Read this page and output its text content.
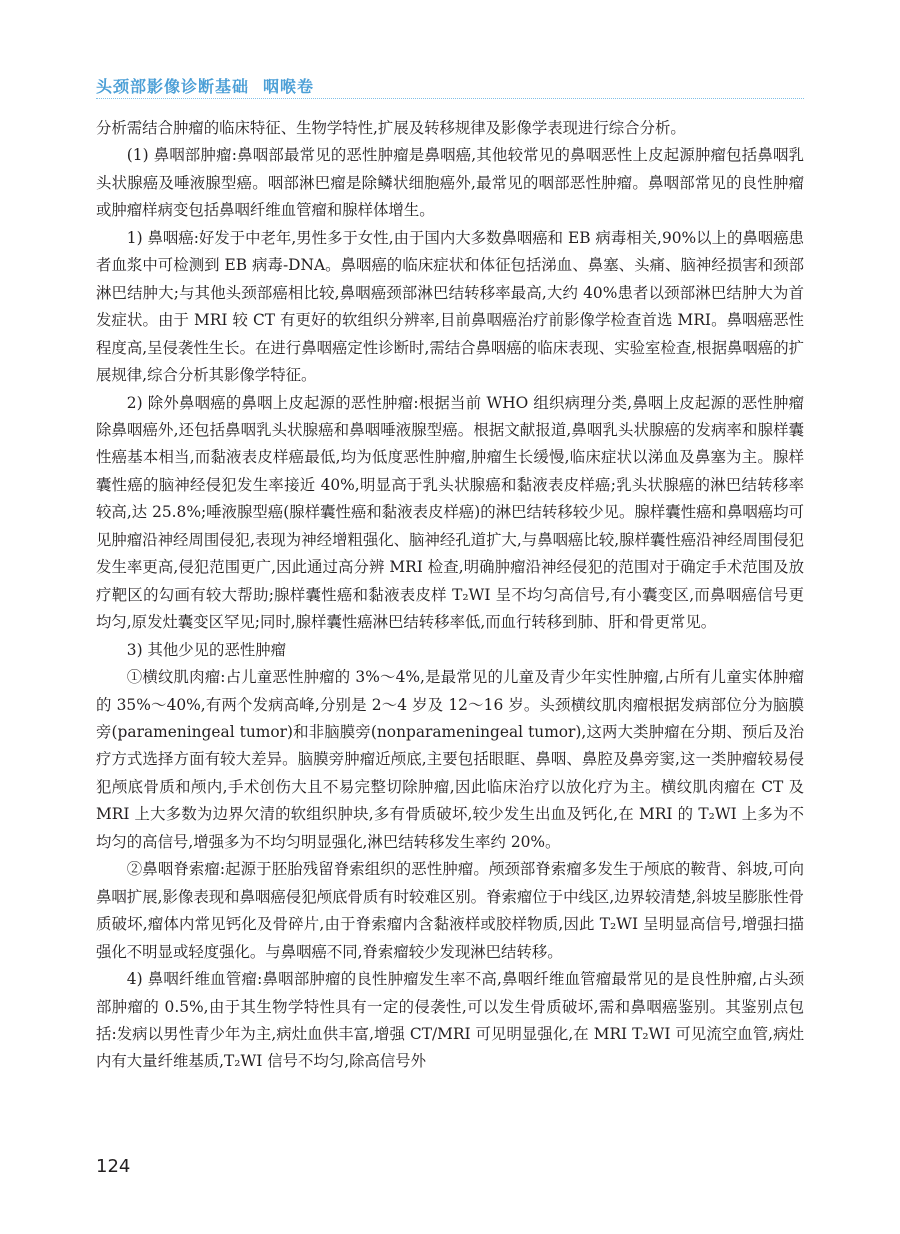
头颈部影像诊断基础 咽喉卷

分析需结合肿瘤的临床特征、生物学特性,扩展及转移规律及影像学表现进行综合分析。

(1) 鼻咽部肿瘤:鼻咽部最常见的恶性肿瘤是鼻咽癌,其他较常见的鼻咽恶性上皮起源肿瘤包括鼻咽乳头状腺癌及唾液腺型癌。咽部淋巴瘤是除鳞状细胞癌外,最常见的咽部恶性肿瘤。鼻咽部常见的良性肿瘤或肿瘤样病变包括鼻咽纤维血管瘤和腺样体增生。

1) 鼻咽癌:好发于中老年,男性多于女性,由于国内大多数鼻咽癌和 EB 病毒相关,90%以上的鼻咽癌患者血浆中可检测到 EB 病毒-DNA。鼻咽癌的临床症状和体征包括涕血、鼻塞、头痛、脑神经损害和颈部淋巴结肿大;与其他头颈部癌相比较,鼻咽癌颈部淋巴结转移率最高,大约 40%患者以颈部淋巴结肿大为首发症状。由于 MRI 较 CT 有更好的软组织分辨率,目前鼻咽癌治疗前影像学检查首选 MRI。鼻咽癌恶性程度高,呈侵袭性生长。在进行鼻咽癌定性诊断时,需结合鼻咽癌的临床表现、实验室检查,根据鼻咽癌的扩展规律,综合分析其影像学特征。

2) 除外鼻咽癌的鼻咽上皮起源的恶性肿瘤:根据当前 WHO 组织病理分类,鼻咽上皮起源的恶性肿瘤除鼻咽癌外,还包括鼻咽乳头状腺癌和鼻咽唾液腺型癌。根据文献报道,鼻咽乳头状腺癌的发病率和腺样囊性癌基本相当,而黏液表皮样癌最低,均为低度恶性肿瘤,肿瘤生长缓慢,临床症状以涕血及鼻塞为主。腺样囊性癌的脑神经侵犯发生率接近 40%,明显高于乳头状腺癌和黏液表皮样癌;乳头状腺癌的淋巴结转移率较高,达 25.8%;唾液腺型癌(腺样囊性癌和黏液表皮样癌)的淋巴结转移较少见。腺样囊性癌和鼻咽癌均可见肿瘤沿神经周围侵犯,表现为神经增粗强化、脑神经孔道扩大,与鼻咽癌比较,腺样囊性癌沿神经周围侵犯发生率更高,侵犯范围更广,因此通过高分辨 MRI 检查,明确肿瘤沿神经侵犯的范围对于确定手术范围及放疗靶区的勾画有较大帮助;腺样囊性癌和黏液表皮样 T₂WI 呈不均匀高信号,有小囊变区,而鼻咽癌信号更均匀,原发灶囊变区罕见;同时,腺样囊性癌淋巴结转移率低,而血行转移到肺、肝和骨更常见。

3) 其他少见的恶性肿瘤

①横纹肌肉瘤:占儿童恶性肿瘤的 3%～4%,是最常见的儿童及青少年实性肿瘤,占所有儿童实体肿瘤的 35%～40%,有两个发病高峰,分别是 2～4 岁及 12～16 岁。头颈横纹肌肉瘤根据发病部位分为脑膜旁(parameningeal tumor)和非脑膜旁(nonparameningeal tumor),这两大类肿瘤在分期、预后及治疗方式选择方面有较大差异。脑膜旁肿瘤近颅底,主要包括眼眶、鼻咽、鼻腔及鼻旁窦,这一类肿瘤较易侵犯颅底骨质和颅内,手术创伤大且不易完整切除肿瘤,因此临床治疗以放化疗为主。横纹肌肉瘤在 CT 及 MRI 上大多数为边界欠清的软组织肿块,多有骨质破坏,较少发生出血及钙化,在 MRI 的 T₂WI 上多为不均匀的高信号,增强多为不均匀明显强化,淋巴结转移发生率约 20%。

②鼻咽脊索瘤:起源于胚胎残留脊索组织的恶性肿瘤。颅颈部脊索瘤多发生于颅底的鞍背、斜坡,可向鼻咽扩展,影像表现和鼻咽癌侵犯颅底骨质有时较难区别。脊索瘤位于中线区,边界较清楚,斜坡呈膨胀性骨质破坏,瘤体内常见钙化及骨碎片,由于脊索瘤内含黏液样或胶样物质,因此 T₂WI 呈明显高信号,增强扫描强化不明显或轻度强化。与鼻咽癌不同,脊索瘤较少发现淋巴结转移。

4) 鼻咽纤维血管瘤:鼻咽部肿瘤的良性肿瘤发生率不高,鼻咽纤维血管瘤最常见的是良性肿瘤,占头颈部肿瘤的 0.5%,由于其生物学特性具有一定的侵袭性,可以发生骨质破坏,需和鼻咽癌鉴别。其鉴别点包括:发病以男性青少年为主,病灶血供丰富,增强 CT/MRI 可见明显强化,在 MRI T₂WI 可见流空血管,病灶内有大量纤维基质,T₂WI 信号不均匀,除高信号外

124
